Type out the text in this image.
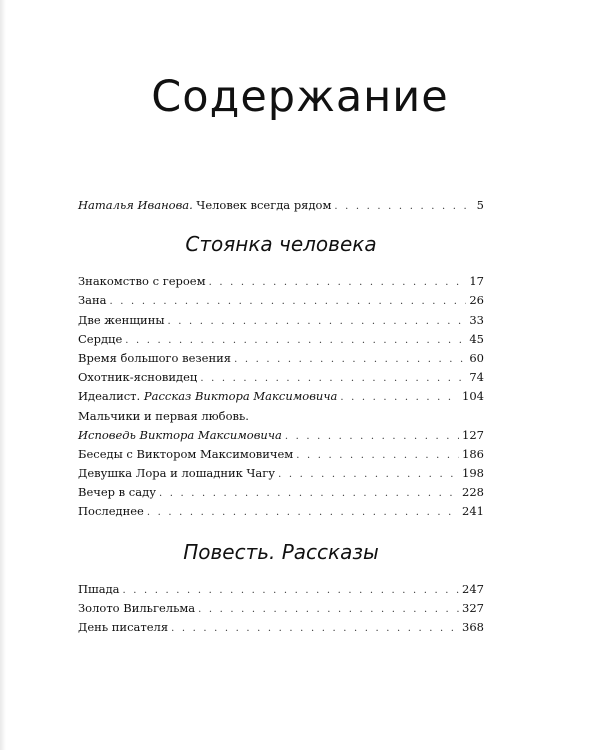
Содержание
Наталья Иванова. Человек всегда рядом . . .	5
Стоянка человека
Знакомство с героем . . .	17
Зана . . .	26
Две женщины . . .	33
Сердце . . .	45
Время большого везения . . .	60
Охотник-ясновидец . . .	74
Идеалист. Рассказ Виктора Максимовича . . .	104
Мальчики и первая любовь.
Исповедь Виктора Максимовича . . .	127
Беседы с Виктором Максимовичем . . .	186
Девушка Лора и лошадник Чагу . . .	198
Вечер в саду . . .	228
Последнее . . .	241
Повесть. Рассказы
Пшада . . .	247
Золото Вильгельма . . .	327
День писателя . . .	368
